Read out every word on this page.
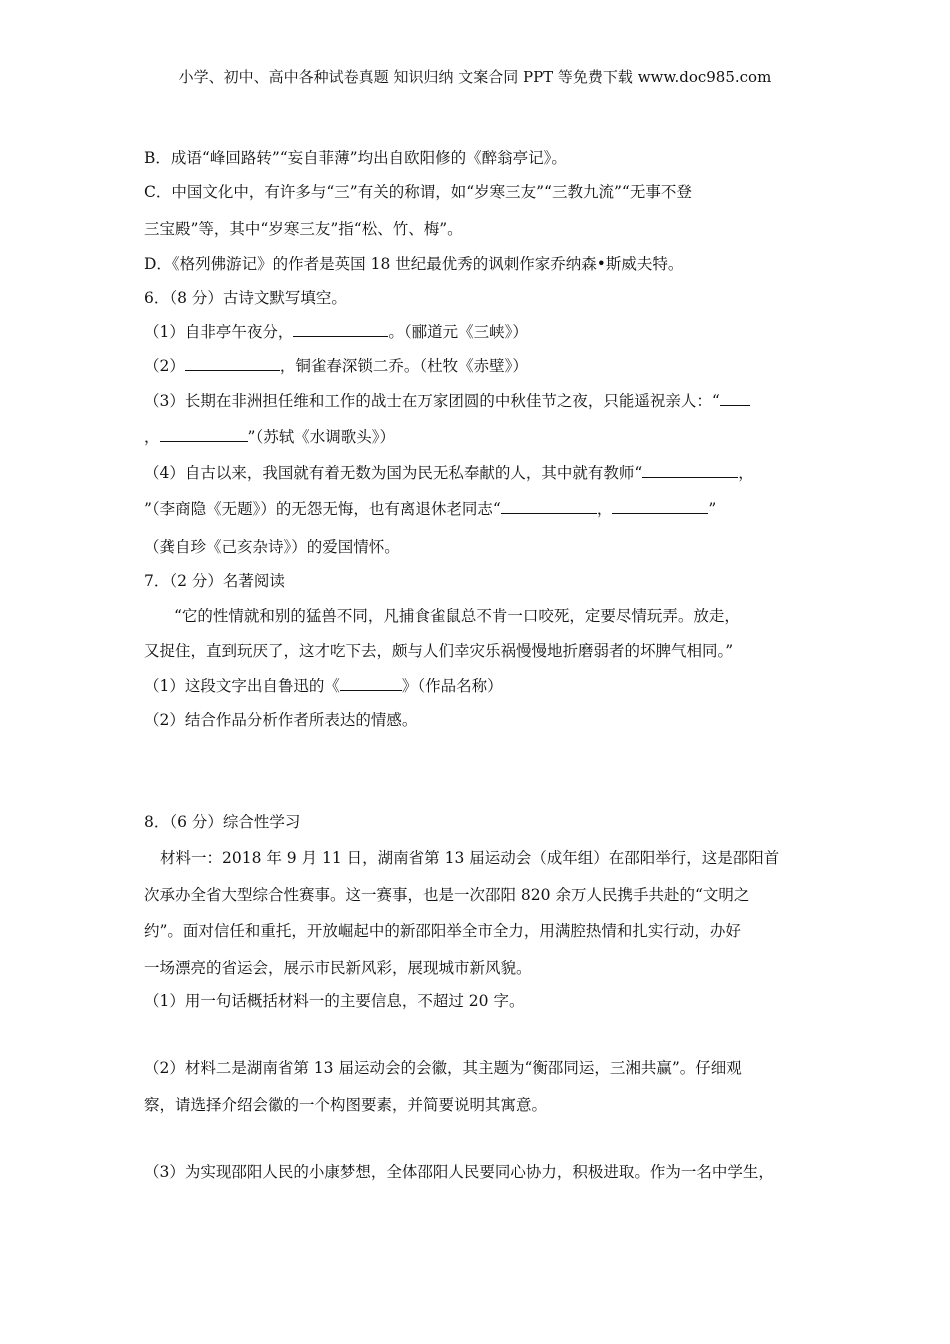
小学、初中、高中各种试卷真题 知识归纳 文案合同 PPT 等免费下载 www.doc985.com
B．成语“峰回路转”“妄自菲薄”均出自欧阳修的《醉翁亭记》。
C．中国文化中，有许多与“三”有关的称谓，如“岁寒三友”“三教九流”“无事不登
三宝殿”等，其中“岁寒三友”指“松、竹、梅”。
D．《格列佛游记》的作者是英国 18 世纪最优秀的讽刺作家乔纳森•斯威夫特。
6．（8 分）古诗文默写填空。
（1）自非亭午夜分，	。（郦道元《三峡》）
（2）	，铜雀春深锁二乔。（杜牧《赤壁》）
（3）长期在非洲担任维和工作的战士在万家团圆的中秋佳节之夜，只能遥祝亲人：“
，	”（苏轼《水调歌头》）
（4）自古以来，我国就有着无数为国为民无私奉献的人，其中就有教师“	，
”（李商隐《无题》）的无怨无悔，也有离退休老同志“	，	”
（龚自珍《己亥杂诗》）的爱国情怀。
7．（2 分）名著阅读
“它的性情就和别的猛兽不同，凡捕食雀鼠总不肯一口咬死，定要尽情玩弄。放走，
又捉住，直到玩厌了，这才吃下去，颇与人们幸灾乐祸慢慢地折磨弱者的坏脾气相同。”
（1）这段文字出自鲁迅的《	》（作品名称）
（2）结合作品分析作者所表达的情感。
8．（6 分）综合性学习
材料一：2018 年 9 月 11 日，湖南省第 13 届运动会（成年组）在邵阳举行，这是邵阳首
次承办全省大型综合性赛事。这一赛事，也是一次邵阳 820 余万人民携手共赴的“文明之
约”。面对信任和重托，开放崛起中的新邵阳举全市全力，用满腔热情和扎实行动，办好
一场漂亮的省运会，展示市民新风彩，展现城市新风貌。
（1）用一句话概括材料一的主要信息，不超过 20 字。
（2）材料二是湖南省第 13 届运动会的会徽，其主题为“衡邵同运，三湘共赢”。仔细观
察，请选择介绍会徽的一个构图要素，并简要说明其寓意。
（3）为实现邵阳人民的小康梦想，全体邵阳人民要同心协力，积极进取。作为一名中学生，
